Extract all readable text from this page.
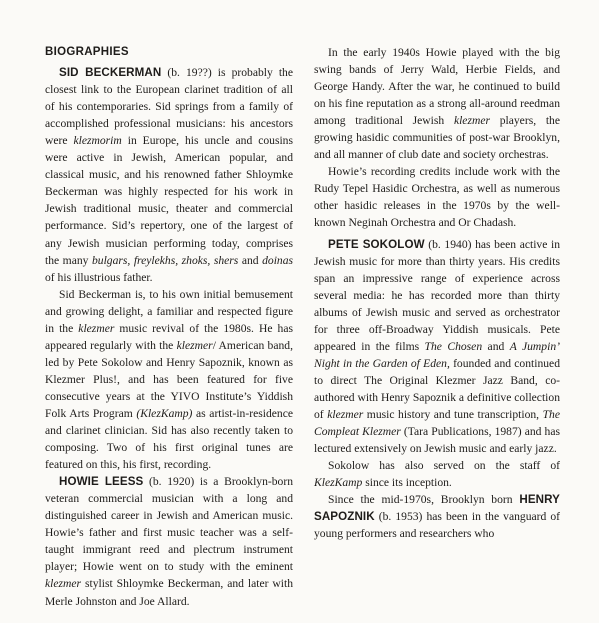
BIOGRAPHIES

SID BECKERMAN (b. 19??) is probably the closest link to the European clarinet tradition of all of his contemporaries. Sid springs from a family of accomplished professional musicians: his ancestors were klezmorim in Europe, his uncle and cousins were active in Jewish, American popular, and classical music, and his renowned father Shloymke Beckerman was highly respected for his work in Jewish traditional music, theater and commercial performance. Sid’s repertory, one of the largest of any Jewish musician performing today, comprises the many bulgars, freylekhs, zhoks, shers and doinas of his illustrious father.

Sid Beckerman is, to his own initial bemusement and growing delight, a familiar and respected figure in the klezmer music revival of the 1980s. He has appeared regularly with the klezmer/ American band, led by Pete Sokolow and Henry Sapoznik, known as Klezmer Plus!, and has been featured for five consecutive years at the YIVO Institute’s Yiddish Folk Arts Program (KlezKamp) as artist-in-residence and clarinet clinician. Sid has also recently taken to composing. Two of his first original tunes are featured on this, his first, recording.

HOWIE LEESS (b. 1920) is a Brooklyn-born veteran commercial musician with a long and distinguished career in Jewish and American music. Howie’s father and first music teacher was a self-taught immigrant reed and plectrum instrument player; Howie went on to study with the eminent klezmer stylist Shloymke Beckerman, and later with Merle Johnston and Joe Allard.

In the early 1940s Howie played with the big swing bands of Jerry Wald, Herbie Fields, and George Handy. After the war, he continued to build on his fine reputation as a strong all-around reedman among traditional Jewish klezmer players, the growing hasidic communities of post-war Brooklyn, and all manner of club date and society orchestras.

Howie’s recording credits include work with the Rudy Tepel Hasidic Orchestra, as well as numerous other hasidic releases in the 1970s by the well-known Neginah Orchestra and Or Chadash.

PETE SOKOLOW (b. 1940) has been active in Jewish music for more than thirty years. His credits span an impressive range of experience across several media: he has recorded more than thirty albums of Jewish music and served as orchestrator for three off-Broadway Yiddish musicals. Pete appeared in the films The Chosen and A Jumpin’ Night in the Garden of Eden, founded and continued to direct The Original Klezmer Jazz Band, co-authored with Henry Sapoznik a definitive collection of klezmer music history and tune transcription, The Compleat Klezmer (Tara Publications, 1987) and has lectured extensively on Jewish music and early jazz.

Sokolow has also served on the staff of KlezKamp since its inception.

Since the mid-1970s, Brooklyn born HENRY SAPOZNIK (b. 1953) has been in the vanguard of young performers and researchers who
